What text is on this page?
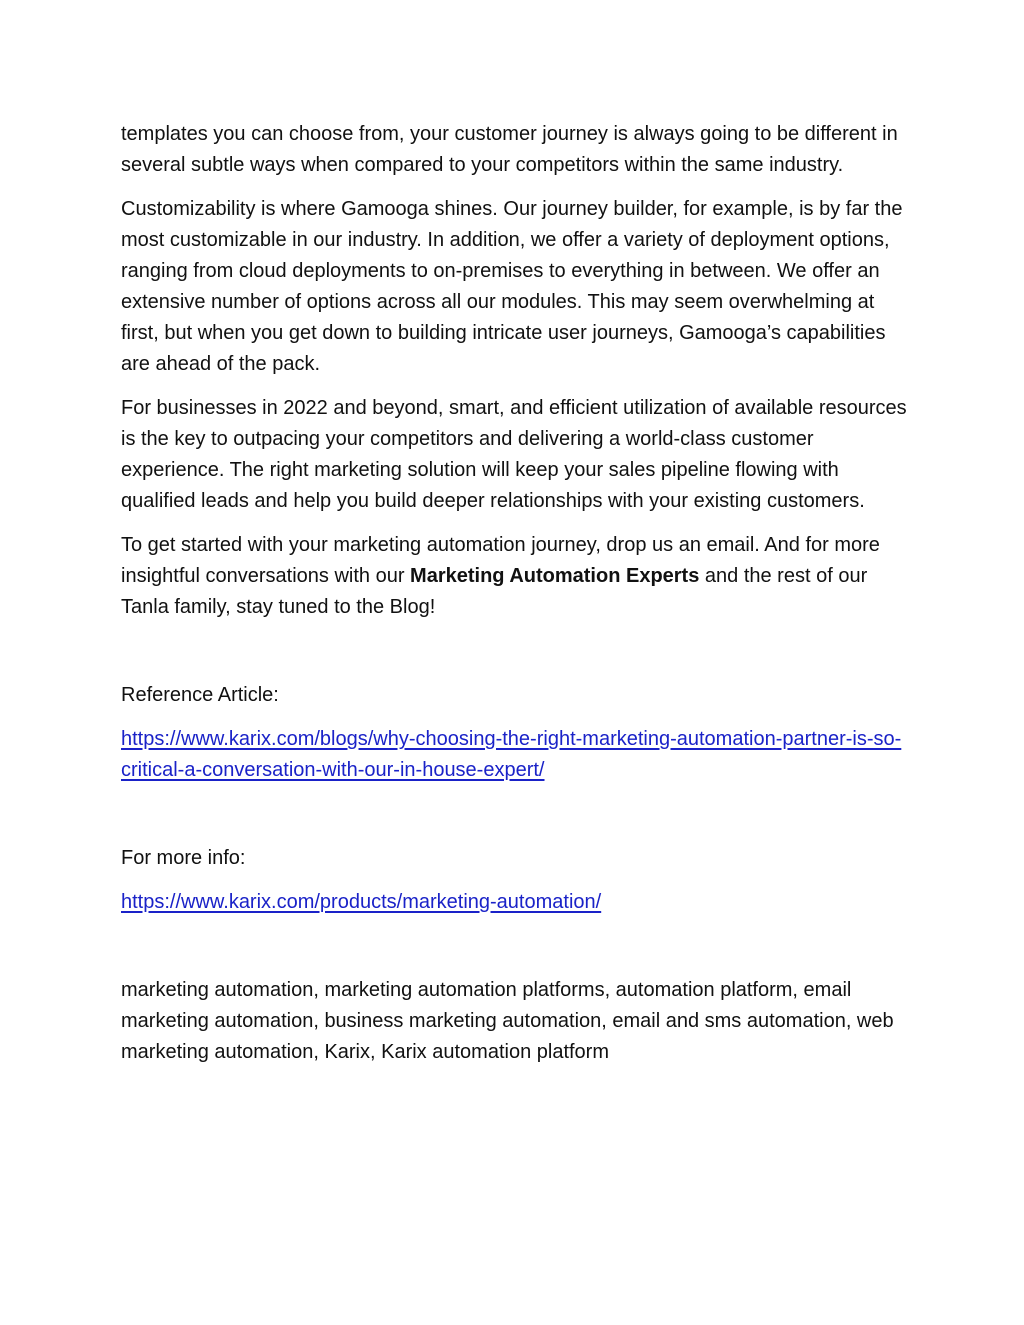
templates you can choose from, your customer journey is always going to be different in several subtle ways when compared to your competitors within the same industry.

Customizability is where Gamooga shines. Our journey builder, for example, is by far the most customizable in our industry. In addition, we offer a variety of deployment options, ranging from cloud deployments to on-premises to everything in between. We offer an extensive number of options across all our modules. This may seem overwhelming at first, but when you get down to building intricate user journeys, Gamooga’s capabilities are ahead of the pack.

For businesses in 2022 and beyond, smart, and efficient utilization of available resources is the key to outpacing your competitors and delivering a world-class customer experience. The right marketing solution will keep your sales pipeline flowing with qualified leads and help you build deeper relationships with your existing customers.

To get started with your marketing automation journey, drop us an email. And for more insightful conversations with our Marketing Automation Experts and the rest of our Tanla family, stay tuned to the Blog!

Reference Article:

https://www.karix.com/blogs/why-choosing-the-right-marketing-automation-partner-is-so-critical-a-conversation-with-our-in-house-expert/

For more info:

https://www.karix.com/products/marketing-automation/

marketing automation, marketing automation platforms, automation platform, email marketing automation, business marketing automation, email and sms automation, web marketing automation, Karix, Karix automation platform
